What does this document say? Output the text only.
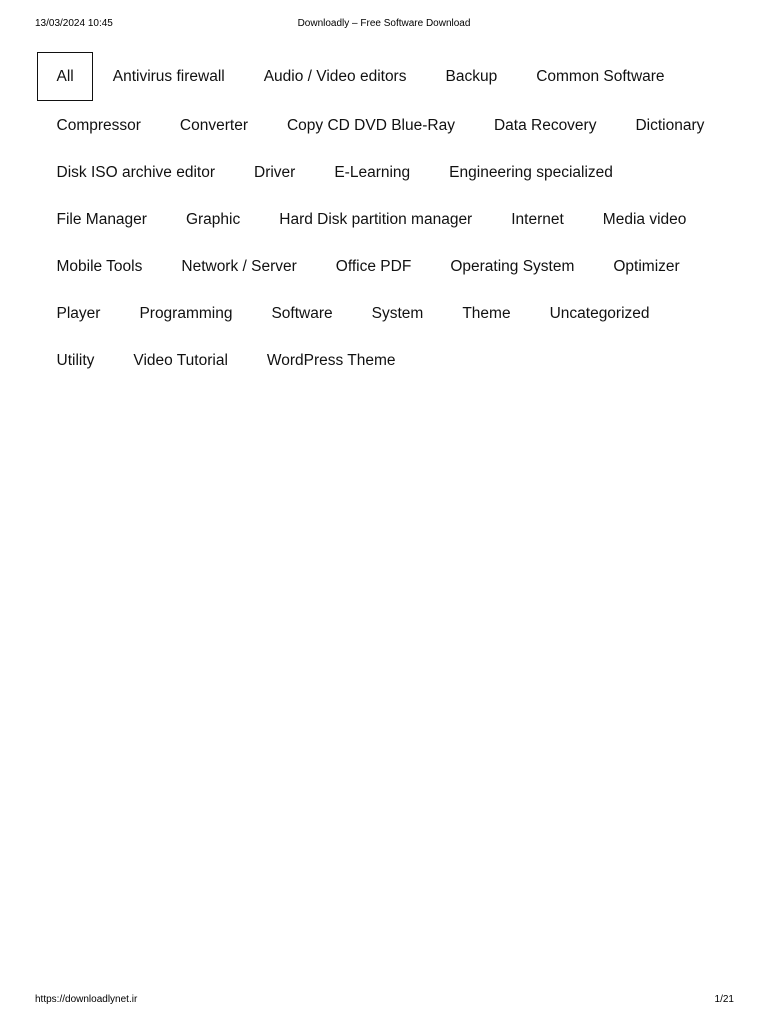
13/03/2024 10:45	Downloadly – Free Software Download
All	Antivirus firewall	Audio / Video editors	Backup	Common Software
Compressor	Converter	Copy CD DVD Blue-Ray	Data Recovery	Dictionary
Disk ISO archive editor	Driver	E-Learning	Engineering specialized
File Manager	Graphic	Hard Disk partition manager	Internet	Media video
Mobile Tools	Network / Server	Office PDF	Operating System	Optimizer
Player	Programming	Software	System	Theme	Uncategorized
Utility	Video Tutorial	WordPress Theme
https://downloadlynet.ir	1/21
